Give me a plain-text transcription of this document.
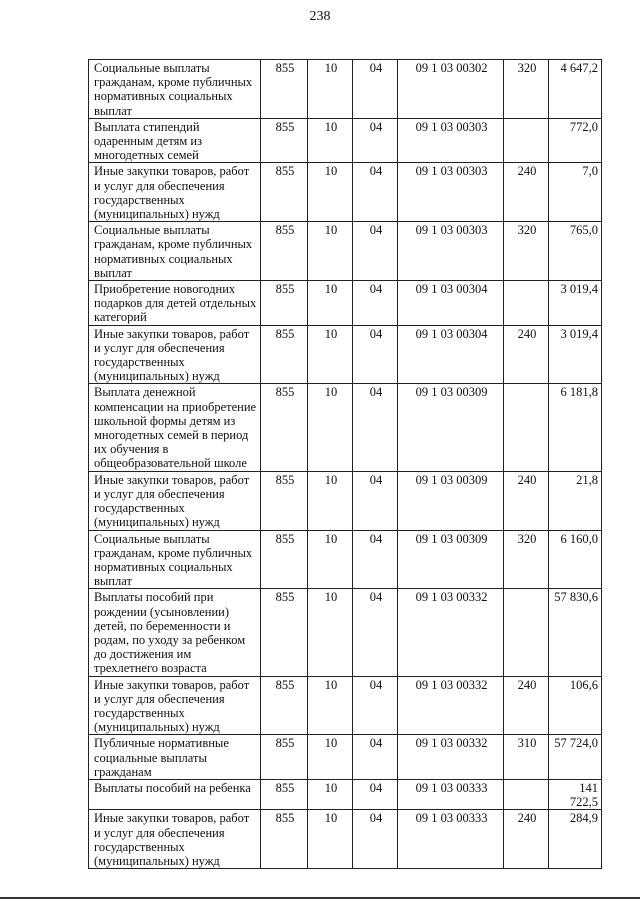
238
Социальные выплаты гражданам, кроме публичных нормативных социальных выплат	855	10	04	09 1 03 00302	320	4 647,2
Выплата стипендий одаренным детям из многодетных семей	855	10	04	09 1 03 00303		772,0
Иные закупки товаров, работ и услуг для обеспечения государственных (муниципальных) нужд	855	10	04	09 1 03 00303	240	7,0
Социальные выплаты гражданам, кроме публичных нормативных социальных выплат	855	10	04	09 1 03 00303	320	765,0
Приобретение новогодних подарков для детей отдельных категорий	855	10	04	09 1 03 00304		3 019,4
Иные закупки товаров, работ и услуг для обеспечения государственных (муниципальных) нужд	855	10	04	09 1 03 00304	240	3 019,4
Выплата денежной компенсации на приобретение школьной формы детям из многодетных семей в период их обучения в общеобразовательной школе	855	10	04	09 1 03 00309		6 181,8
Иные закупки товаров, работ и услуг для обеспечения государственных (муниципальных) нужд	855	10	04	09 1 03 00309	240	21,8
Социальные выплаты гражданам, кроме публичных нормативных социальных выплат	855	10	04	09 1 03 00309	320	6 160,0
Выплаты пособий при рождении (усыновлении) детей, по беременности и родам, по уходу за ребенком до достижения им трехлетнего возраста	855	10	04	09 1 03 00332		57 830,6
Иные закупки товаров, работ и услуг для обеспечения государственных (муниципальных) нужд	855	10	04	09 1 03 00332	240	106,6
Публичные нормативные социальные выплаты гражданам	855	10	04	09 1 03 00332	310	57 724,0
Выплаты пособий на ребенка	855	10	04	09 1 03 00333		141 722,5
Иные закупки товаров, работ и услуг для обеспечения государственных (муниципальных) нужд	855	10	04	09 1 03 00333	240	284,9
